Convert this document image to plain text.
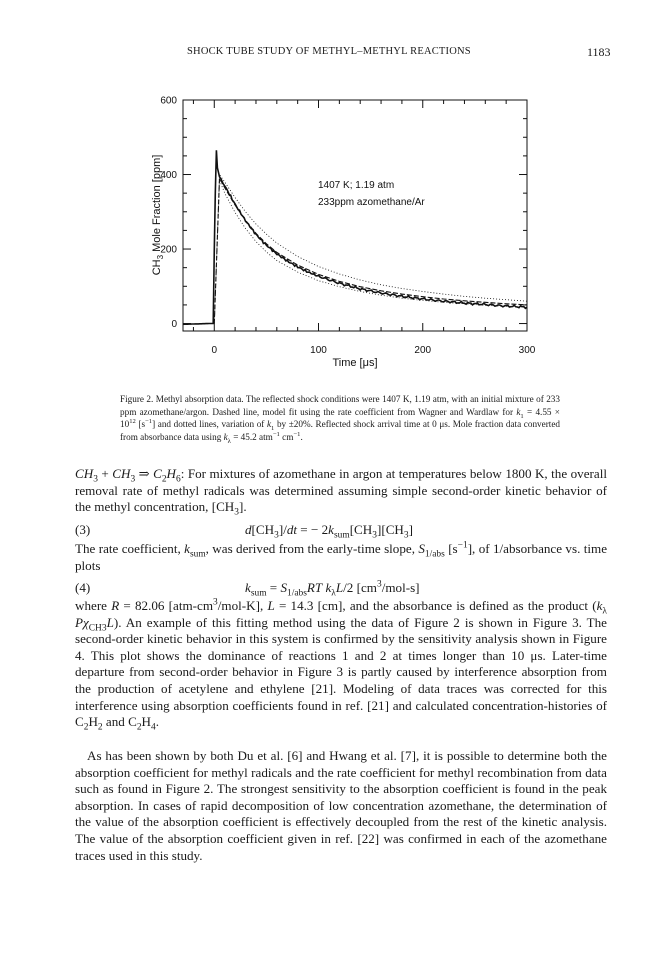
SHOCK TUBE STUDY OF METHYL–METHYL REACTIONS	1183
0	100	200	300
0
200
400
600
1407 K; 1.19 atm
233ppm azomethane/Ar
Time [μs]
$CH_3$ Mole Fraction [ppm]
Figure 2. Methyl absorption data. The reflected shock conditions were 1407 K, 1.19 atm, with an initial mixture of 233 ppm azomethane/argon. Dashed line, model fit using the rate coefficient from Wagner and Wardlaw for $k_1 = 4.55 \times 10^{12}$ $[s^{-1}]$ and dotted lines, variation of $k_1$ by ±20%. Reflected shock arrival time at 0 μs. Mole fraction data converted from absorbance data using $k_\lambda = 45.2$ atm$^{-1}$ $cm^{-1}$.
$CH_3 + CH_3$ ⇒ $C_2H_6$: For mixtures of azomethane in argon at temperatures below 1800 K, the overall removal rate of methyl radicals was determined assuming simple second-order kinetic behavior of the methyl concentration, $[CH_3]$.
(3)	$d[CH_3]/dt$ = − $2k_{sum}[CH_3][CH_3]$
The rate coefficient, $k_{sum}$, was derived from the early-time slope, $S_{1/abs}$ $[s^{-1}]$, of 1/absorbance vs. time plots
(4)	$k_{sum} = S_{1/abs}RT$ $k_\lambda L/2$ $[cm^3/mol-s]$
where R = 82.06 $[atm-cm^3/mol-K]$, L = 14.3 [cm], and the absorbance is defined as the product ($k_\lambda$ $P\chi_{CH3}L$). An example of this fitting method using the data of Figure 2 is shown in Figure 3. The second-order kinetic behavior in this system is confirmed by the sensitivity analysis shown in Figure 4. This plot shows the dominance of reactions 1 and 2 at times longer than 10 μs. Later-time departure from second-order behavior in Figure 3 is partly caused by interference absorption from the production of acetylene and ethylene [21]. Modeling of data traces was corrected for this interference using absorption coefficients found in ref. [21] and calculated concentration-histories of $C_2H_2$ and $C_2H_4$.
As has been shown by both Du et al. [6] and Hwang et al. [7], it is possible to determine both the absorption coefficient for methyl radicals and the rate coefficient for methyl recombination from data such as found in Figure 2. The strongest sensitivity to the absorption coefficient is found in the peak absorption. In cases of rapid decomposition of low concentration azomethane, the determination of the value of the absorption coefficient is effectively decoupled from the rest of the kinetic analysis. The value of the absorption coefficient given in ref. [22] was confirmed in each of the azomethane traces used in this study.
